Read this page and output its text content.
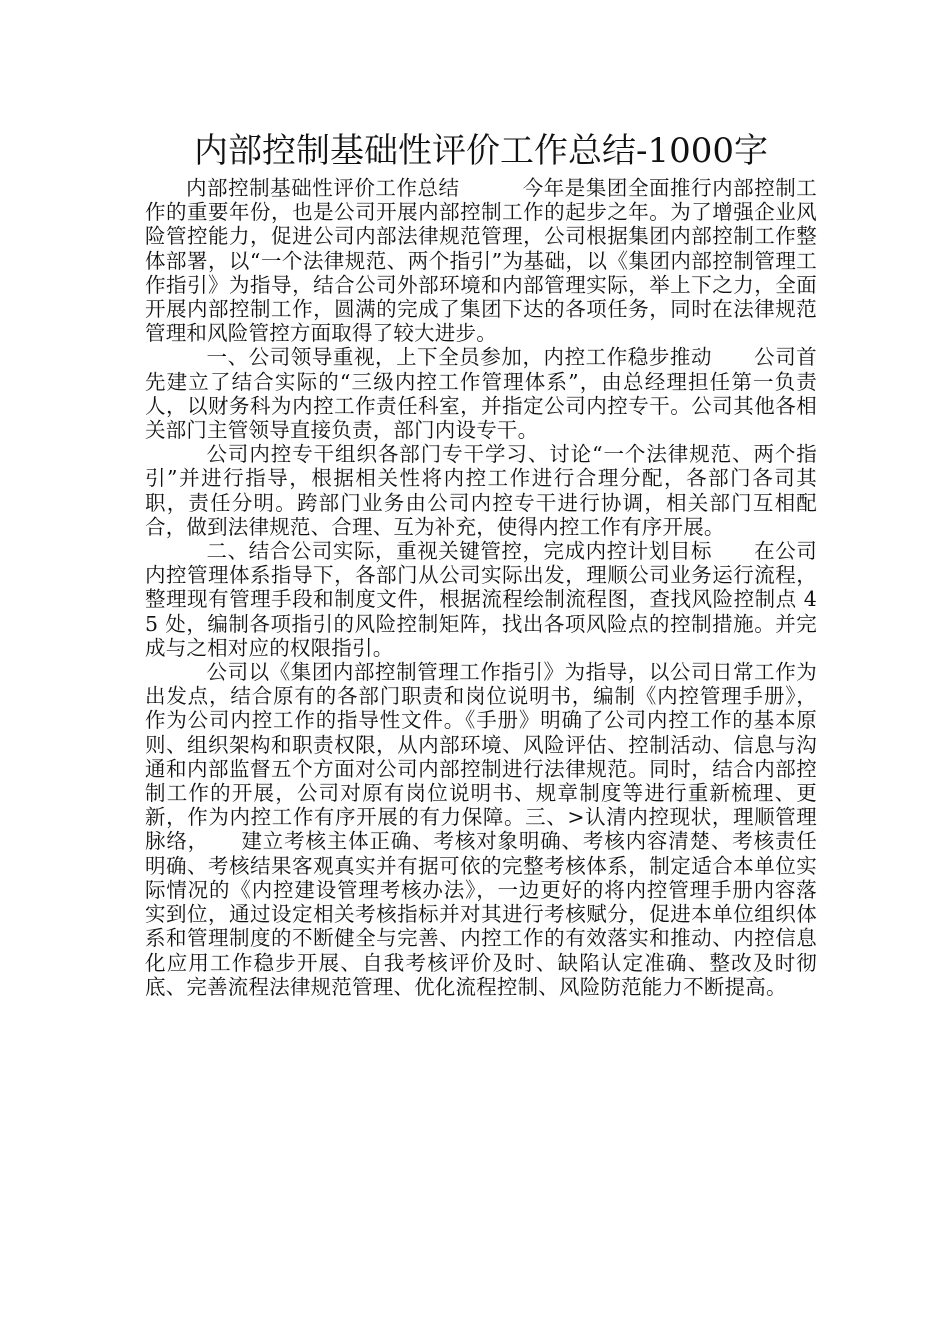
内部控制基础性评价工作总结-1000字

内部控制基础性评价工作总结　　　今年是集团全面推行内部控制工作的重要年份，也是公司开展内部控制工作的起步之年。为了增强企业风险管控能力，促进公司内部法律规范管理，公司根据集团内部控制工作整体部署，以“一个法律规范、两个指引”为基础，以《集团内部控制管理工作指引》为指导，结合公司外部环境和内部管理实际，举上下之力，全面开展内部控制工作，圆满的完成了集团下达的各项任务，同时在法律规范管理和风险管控方面取得了较大进步。

一、公司领导重视，上下全员参加，内控工作稳步推动　　公司首先建立了结合实际的“三级内控工作管理体系”，由总经理担任第一负责人，以财务科为内控工作责任科室，并指定公司内控专干。公司其他各相关部门主管领导直接负责，部门内设专干。

公司内控专干组织各部门专干学习、讨论“一个法律规范、两个指引”并进行指导，根据相关性将内控工作进行合理分配，各部门各司其职，责任分明。跨部门业务由公司内控专干进行协调，相关部门互相配合，做到法律规范、合理、互为补充，使得内控工作有序开展。

二、结合公司实际，重视关键管控，完成内控计划目标　　在公司内控管理体系指导下，各部门从公司实际出发，理顺公司业务运行流程，整理现有管理手段和制度文件，根据流程绘制流程图，查找风险控制点 45 处，编制各项指引的风险控制矩阵，找出各项风险点的控制措施。并完成与之相对应的权限指引。

公司以《集团内部控制管理工作指引》为指导，以公司日常工作为出发点，结合原有的各部门职责和岗位说明书，编制《内控管理手册》，作为公司内控工作的指导性文件。《手册》明确了公司内控工作的基本原则、组织架构和职责权限，从内部环境、风险评估、控制活动、信息与沟通和内部监督五个方面对公司内部控制进行法律规范。同时，结合内部控制工作的开展，公司对原有岗位说明书、规章制度等进行重新梳理、更新，作为内控工作有序开展的有力保障。三、>认清内控现状，理顺管理脉络，　　建立考核主体正确、考核对象明确、考核内容清楚、考核责任明确、考核结果客观真实并有据可依的完整考核体系，制定适合本单位实际情况的《内控建设管理考核办法》，一边更好的将内控管理手册内容落实到位，通过设定相关考核指标并对其进行考核赋分，促进本单位组织体系和管理制度的不断健全与完善、内控工作的有效落实和推动、内控信息化应用工作稳步开展、自我考核评价及时、缺陷认定准确、整改及时彻底、完善流程法律规范管理、优化流程控制、风险防范能力不断提高。
